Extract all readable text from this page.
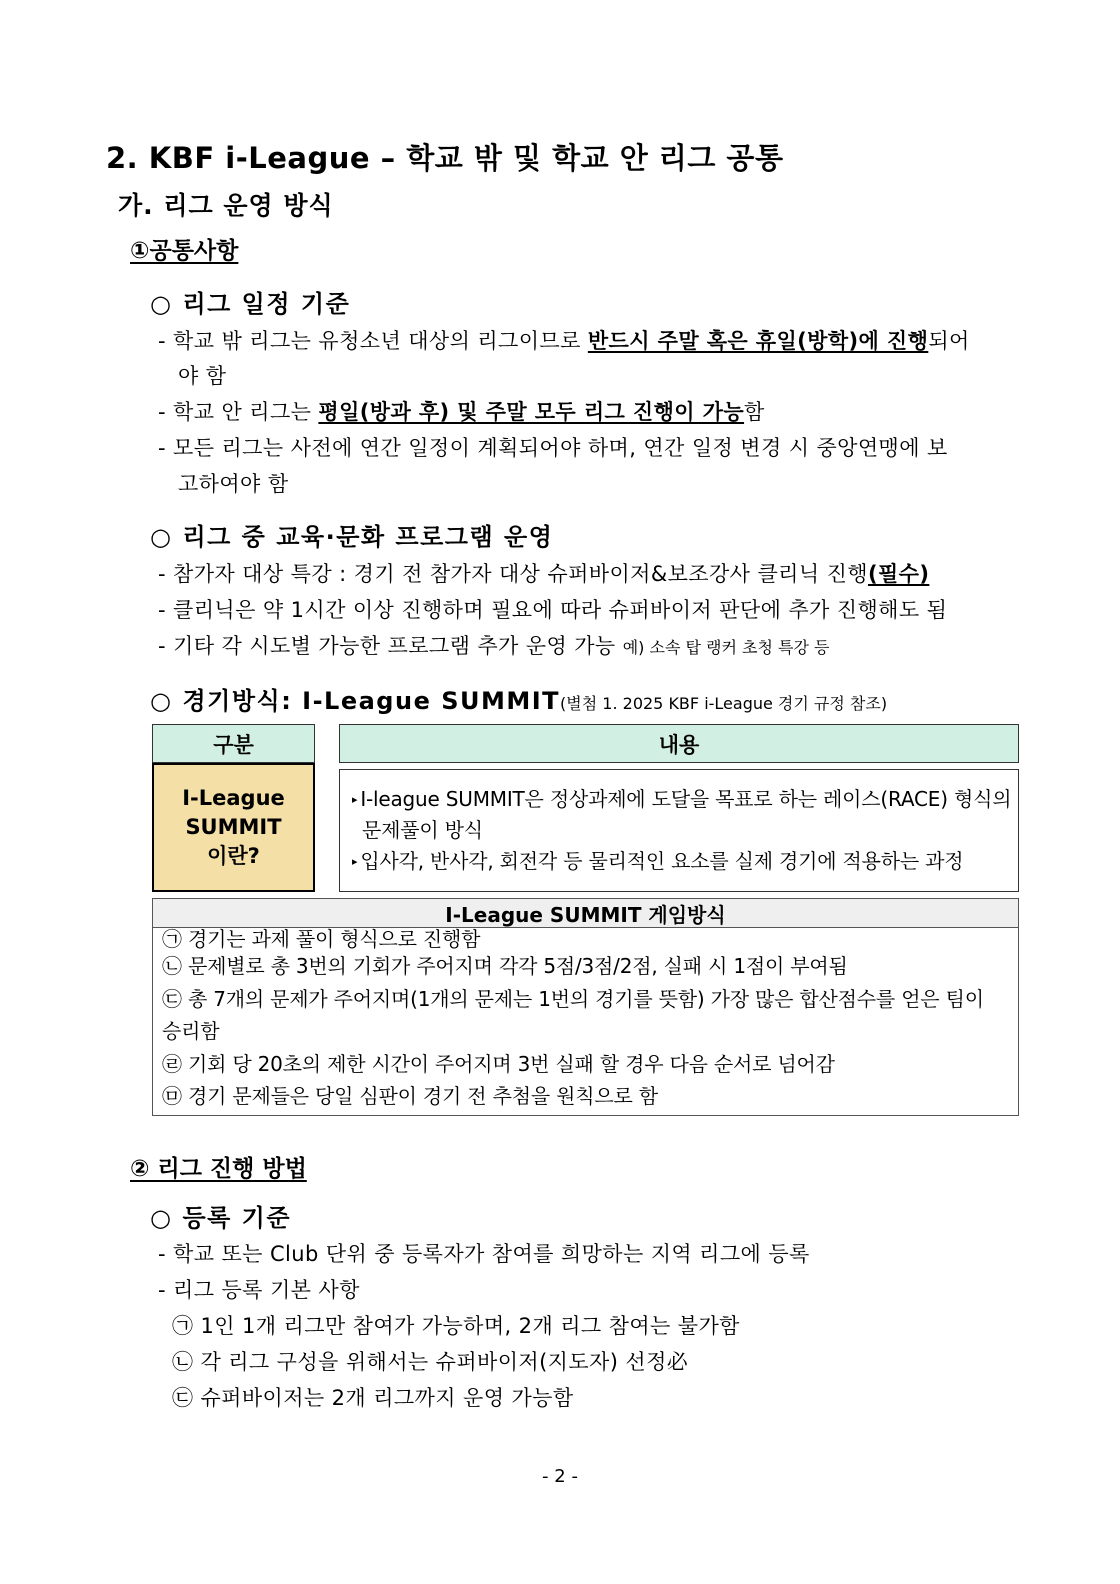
2. KBF i-League – 학교 밖 및 학교 안 리그 공통
가. 리그 운영 방식
①공통사항
○ 리그 일정 기준
- 학교 밖 리그는 유청소년 대상의 리그이므로 반드시 주말 혹은 휴일(방학)에 진행되어
야 함
- 학교 안 리그는 평일(방과 후) 및 주말 모두 리그 진행이 가능함
- 모든 리그는 사전에 연간 일정이 계획되어야 하며, 연간 일정 변경 시 중앙연맹에 보
고하여야 함
○ 리그 중 교육·문화 프로그램 운영
- 참가자 대상 특강 : 경기 전 참가자 대상 슈퍼바이저&보조강사 클리닉 진행(필수)
- 클리닉은 약 1시간 이상 진행하며 필요에 따라 슈퍼바이저 판단에 추가 진행해도 됨
- 기타 각 시도별 가능한 프로그램 추가 운영 가능 예) 소속 탑 랭커 초청 특강 등
○ 경기방식: I-League SUMMIT(별첨 1. 2025 KBF i-League 경기 규정 참조)
구분	내용
I-League
SUMMIT
이란?
▸ I-league SUMMIT은 정상과제에 도달을 목표로 하는 레이스(RACE) 형식의
문제풀이 방식
▸ 입사각, 반사각, 회전각 등 물리적인 요소를 실제 경기에 적용하는 과정
I-League SUMMIT 게임방식
㉠ 경기는 과제 풀이 형식으로 진행함
㉡ 문제별로 총 3번의 기회가 주어지며 각각 5점/3점/2점, 실패 시 1점이 부여됨
㉢ 총 7개의 문제가 주어지며(1개의 문제는 1번의 경기를 뜻함) 가장 많은 합산점수를 얻은 팀이
승리함
㉣ 기회 당 20초의 제한 시간이 주어지며 3번 실패 할 경우 다음 순서로 넘어감
㉤ 경기 문제들은 당일 심판이 경기 전 추첨을 원칙으로 함
② 리그 진행 방법
○ 등록 기준
- 학교 또는 Club 단위 중 등록자가 참여를 희망하는 지역 리그에 등록
- 리그 등록 기본 사항
㉠ 1인 1개 리그만 참여가 가능하며, 2개 리그 참여는 불가함
㉡ 각 리그 구성을 위해서는 슈퍼바이저(지도자) 선정必
㉢ 슈퍼바이저는 2개 리그까지 운영 가능함
- 2 -
